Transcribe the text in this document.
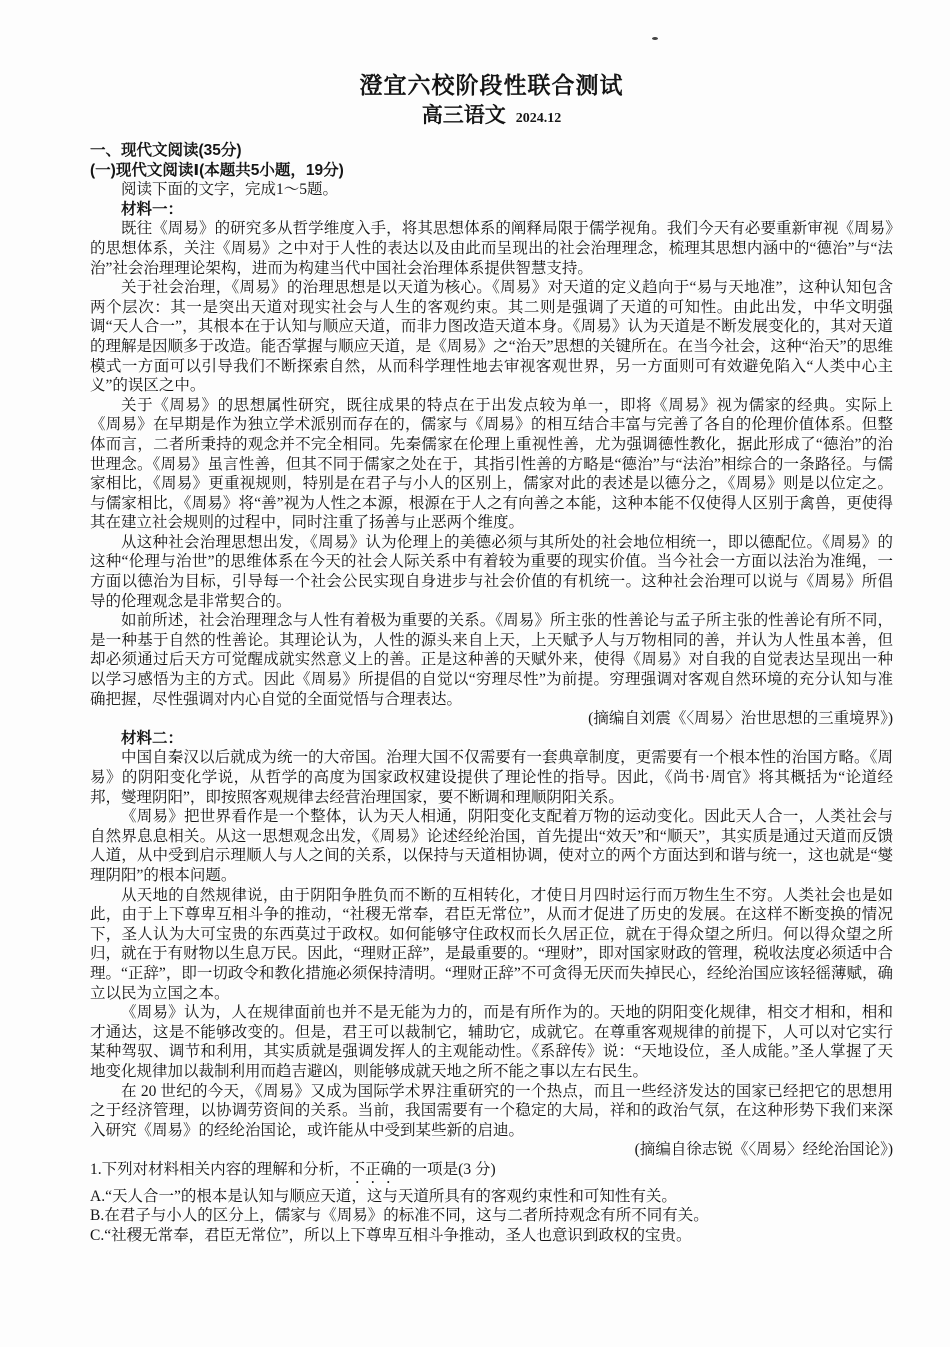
澄宜六校阶段性联合测试
高三语文 2024.12

一、现代文阅读(35分)

(一)现代文阅读Ⅰ(本题共5小题，19分)

阅读下面的文字，完成1～5题。

材料一：

既往《周易》的研究多从哲学维度入手，将其思想体系的阐释局限于儒学视角。我们今天有必要重新审视《周易》的思想体系，关注《周易》之中对于人性的表达以及由此而呈现出的社会治理理念，梳理其思想内涵中的“德治”与“法治”社会治理理论架构，进而为构建当代中国社会治理体系提供智慧支持。

关于社会治理，《周易》的治理思想是以天道为核心。《周易》对天道的定义趋向于“易与天地准”，这种认知包含两个层次：其一是突出天道对现实社会与人生的客观约束。其二则是强调了天道的可知性。由此出发，中华文明强调“天人合一”，其根本在于认知与顺应天道，而非力图改造天道本身。《周易》认为天道是不断发展变化的，其对天道的理解是因顺多于改造。能否掌握与顺应天道，是《周易》之“治天”思想的关键所在。在当今社会，这种“治天”的思维模式一方面可以引导我们不断探索自然，从而科学理性地去审视客观世界，另一方面则可有效避免陷入“人类中心主义”的误区之中。

关于《周易》的思想属性研究，既往成果的特点在于出发点较为单一，即将《周易》视为儒家的经典。实际上《周易》在早期是作为独立学术派别而存在的，儒家与《周易》的相互结合丰富与完善了各自的伦理价值体系。但整体而言，二者所秉持的观念并不完全相同。先秦儒家在伦理上重视性善，尤为强调德性教化，据此形成了“德治”的治世理念。《周易》虽言性善，但其不同于儒家之处在于，其指引性善的方略是“德治”与“法治”相综合的一条路径。与儒家相比，《周易》更重视规则，特别是在君子与小人的区别上，儒家对此的表述是以德分之，《周易》则是以位定之。与儒家相比，《周易》将“善”视为人性之本源，根源在于人之有向善之本能，这种本能不仅使得人区别于禽兽，更使得其在建立社会规则的过程中，同时注重了扬善与止恶两个维度。

从这种社会治理思想出发，《周易》认为伦理上的美德必须与其所处的社会地位相统一，即以德配位。《周易》的这种“伦理与治世”的思维体系在今天的社会人际关系中有着较为重要的现实价值。当今社会一方面以法治为准绳，一方面以德治为目标，引导每一个社会公民实现自身进步与社会价值的有机统一。这种社会治理可以说与《周易》所倡导的伦理观念是非常契合的。

如前所述，社会治理理念与人性有着极为重要的关系。《周易》所主张的性善论与孟子所主张的性善论有所不同，是一种基于自然的性善论。其理论认为，人性的源头来自上天，上天赋予人与万物相同的善，并认为人性虽本善，但却必须通过后天方可觉醒成就实然意义上的善。正是这种善的天赋外来，使得《周易》对自我的自觉表达呈现出一种以学习感悟为主的方式。因此《周易》所提倡的自觉以“穷理尽性”为前提。穷理强调对客观自然环境的充分认知与准确把握，尽性强调对内心自觉的全面觉悟与合理表达。

(摘编自刘震《〈周易〉治世思想的三重境界》)

材料二：

中国自秦汉以后就成为统一的大帝国。治理大国不仅需要有一套典章制度，更需要有一个根本性的治国方略。《周易》的阴阳变化学说，从哲学的高度为国家政权建设提供了理论性的指导。因此，《尚书·周官》将其概括为“论道经邦，燮理阴阳”，即按照客观规律去经营治理国家，要不断调和理顺阴阳关系。

《周易》把世界看作是一个整体，认为天人相通，阴阳变化支配着万物的运动变化。因此天人合一，人类社会与自然界息息相关。从这一思想观念出发，《周易》论述经纶治国，首先提出“效天”和“顺天”，其实质是通过天道而反馈人道，从中受到启示理顺人与人之间的关系，以保持与天道相协调，使对立的两个方面达到和谐与统一，这也就是“燮理阴阳”的根本问题。

从天地的自然规律说，由于阴阳争胜负而不断的互相转化，才使日月四时运行而万物生生不穷。人类社会也是如此，由于上下尊卑互相斗争的推动，“社稷无常奉，君臣无常位”，从而才促进了历史的发展。在这样不断变换的情况下，圣人认为大可宝贵的东西莫过于政权。如何能够守住政权而长久居正位，就在于得众望之所归。何以得众望之所归，就在于有财物以生息万民。因此，“理财正辞”，是最重要的。“理财”，即对国家财政的管理，税收法度必须适中合理。“正辞”，即一切政令和教化措施必须保持清明。“理财正辞”不可贪得无厌而失掉民心，经纶治国应该轻徭薄赋，确立以民为立国之本。

《周易》认为，人在规律面前也并不是无能为力的，而是有所作为的。天地的阴阳变化规律，相交才相和，相和才通达，这是不能够改变的。但是，君王可以裁制它，辅助它，成就它。在尊重客观规律的前提下，人可以对它实行某种驾驭、调节和利用，其实质就是强调发挥人的主观能动性。《系辞传》说：“天地设位，圣人成能。”圣人掌握了天地变化规律加以裁制利用而趋吉避凶，则能够成就天地之所不能之事以左右民生。

在 20 世纪的今天，《周易》又成为国际学术界注重研究的一个热点，而且一些经济发达的国家已经把它的思想用之于经济管理，以协调劳资间的关系。当前，我国需要有一个稳定的大局，祥和的政治气氛，在这种形势下我们来深入研究《周易》的经纶治国论，或许能从中受到某些新的启迪。

(摘编自徐志锐《〈周易〉经纶治国论》)

1.下列对材料相关内容的理解和分析，不正确的一项是(3 分)

A.“天人合一”的根本是认知与顺应天道，这与天道所具有的客观约束性和可知性有关。

B.在君子与小人的区分上，儒家与《周易》的标准不同，这与二者所持观念有所不同有关。

C.“社稷无常奉，君臣无常位”，所以上下尊卑互相斗争推动，圣人也意识到政权的宝贵。
